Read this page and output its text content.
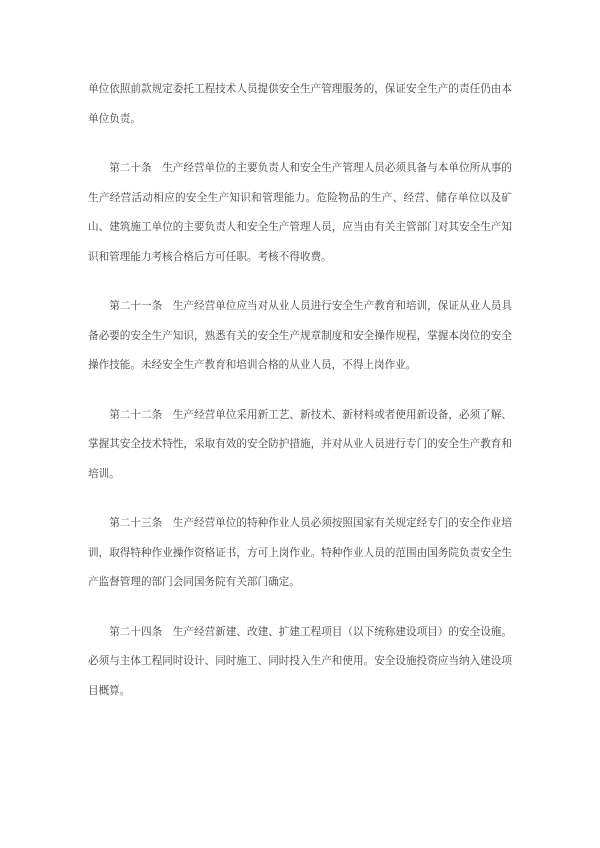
单位依照前款规定委托工程技术人员提供安全生产管理服务的，保证安全生产的责任仍由本单位负责。

第二十条　生产经营单位的主要负责人和安全生产管理人员必须具备与本单位所从事的生产经营活动相应的安全生产知识和管理能力。危险物品的生产、经营、储存单位以及矿山、建筑施工单位的主要负责人和安全生产管理人员，应当由有关主管部门对其安全生产知识和管理能力考核合格后方可任职。考核不得收费。

第二十一条　生产经营单位应当对从业人员进行安全生产教育和培训，保证从业人员具备必要的安全生产知识，熟悉有关的安全生产规章制度和安全操作规程，掌握本岗位的安全操作技能。未经安全生产教育和培训合格的从业人员，不得上岗作业。

第二十二条　生产经营单位采用新工艺、新技术、新材料或者使用新设备，必须了解、掌握其安全技术特性，采取有效的安全防护措施，并对从业人员进行专门的安全生产教育和培训。

第二十三条　生产经营单位的特种作业人员必须按照国家有关规定经专门的安全作业培训，取得特种作业操作资格证书，方可上岗作业。特种作业人员的范围由国务院负责安全生产监督管理的部门会同国务院有关部门确定。

第二十四条　生产经营新建、改建、扩建工程项目（以下统称建设项目）的安全设施。必须与主体工程同时设计、同时施工、同时投入生产和使用。安全设施投资应当纳入建设项目概算。
